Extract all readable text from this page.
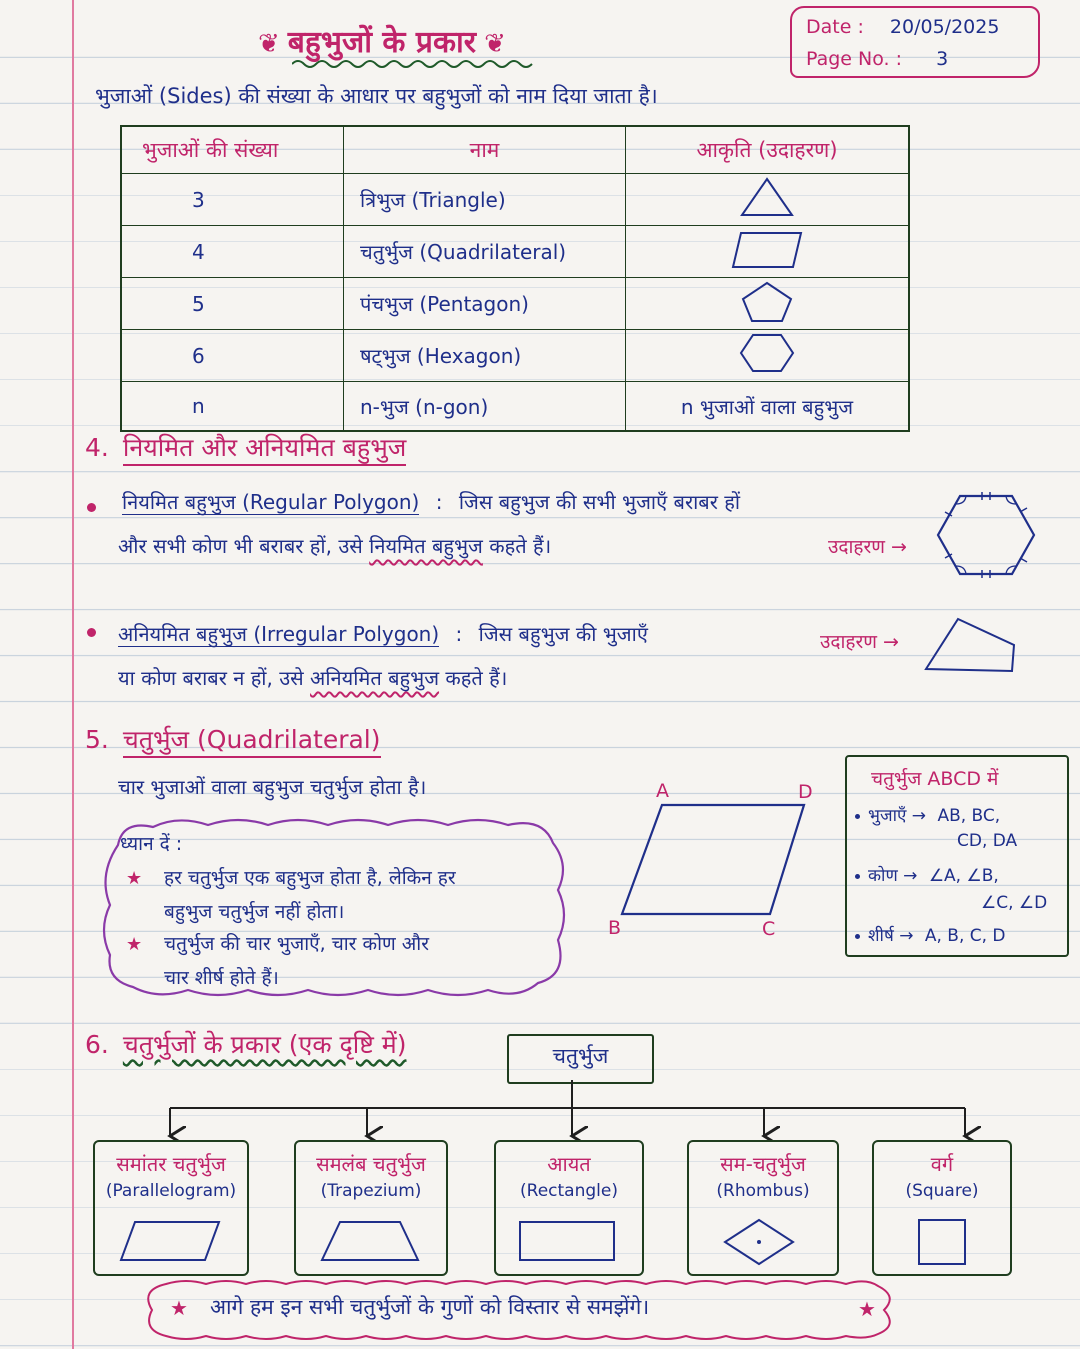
❦ बहुभुजों के प्रकार ❦
Date : 20/05/2025
Page No. : 3
भुजाओं (Sides) की संख्या के आधार पर बहुभुजों को नाम दिया जाता है।
भुजाओं की संख्या	नाम	आकृति (उदाहरण)
3	त्रिभुज (Triangle)	
4	चतुर्भुज (Quadrilateral)	
5	पंचभुज (Pentagon)	
6	षट्भुज (Hexagon)	
n	n-भुज (n-gon)	n भुजाओं वाला बहुभुज
4. नियमित और अनियमित बहुभुज
नियमित बहुभुज (Regular Polygon) : जिस बहुभुज की सभी भुजाएँ बराबर हों
और सभी कोण भी बराबर हों, उसे नियमित बहुभुज कहते हैं।	उदाहरण →
अनियमित बहुभुज (Irregular Polygon) : जिस बहुभुज की भुजाएँ
या कोण बराबर न हों, उसे अनियमित बहुभुज कहते हैं।
उदाहरण →
5. चतुर्भुज (Quadrilateral)
चार भुजाओं वाला बहुभुज चतुर्भुज होता है।
ध्यान दें :
★ हर चतुर्भुज एक बहुभुज होता है, लेकिन हर
बहुभुज चतुर्भुज नहीं होता।
★ चतुर्भुज की चार भुजाएँ, चार कोण और
चार शीर्ष होते हैं।
A	D
B	C
चतुर्भुज ABCD में
भुजाएँ → AB, BC,
CD, DA
कोण → ∠A, ∠B,
∠C, ∠D
शीर्ष → A, B, C, D
6. चतुर्भुजों के प्रकार (एक दृष्टि में)	चतुर्भुज
समांतर चतुर्भुज
(Parallelogram)
समलंब चतुर्भुज
(Trapezium)
आयत
(Rectangle)
सम-चतुर्भुज
(Rhombus)
वर्ग
(Square)
★ आगे हम इन सभी चतुर्भुजों के गुणों को विस्तार से समझेंगे।	★
